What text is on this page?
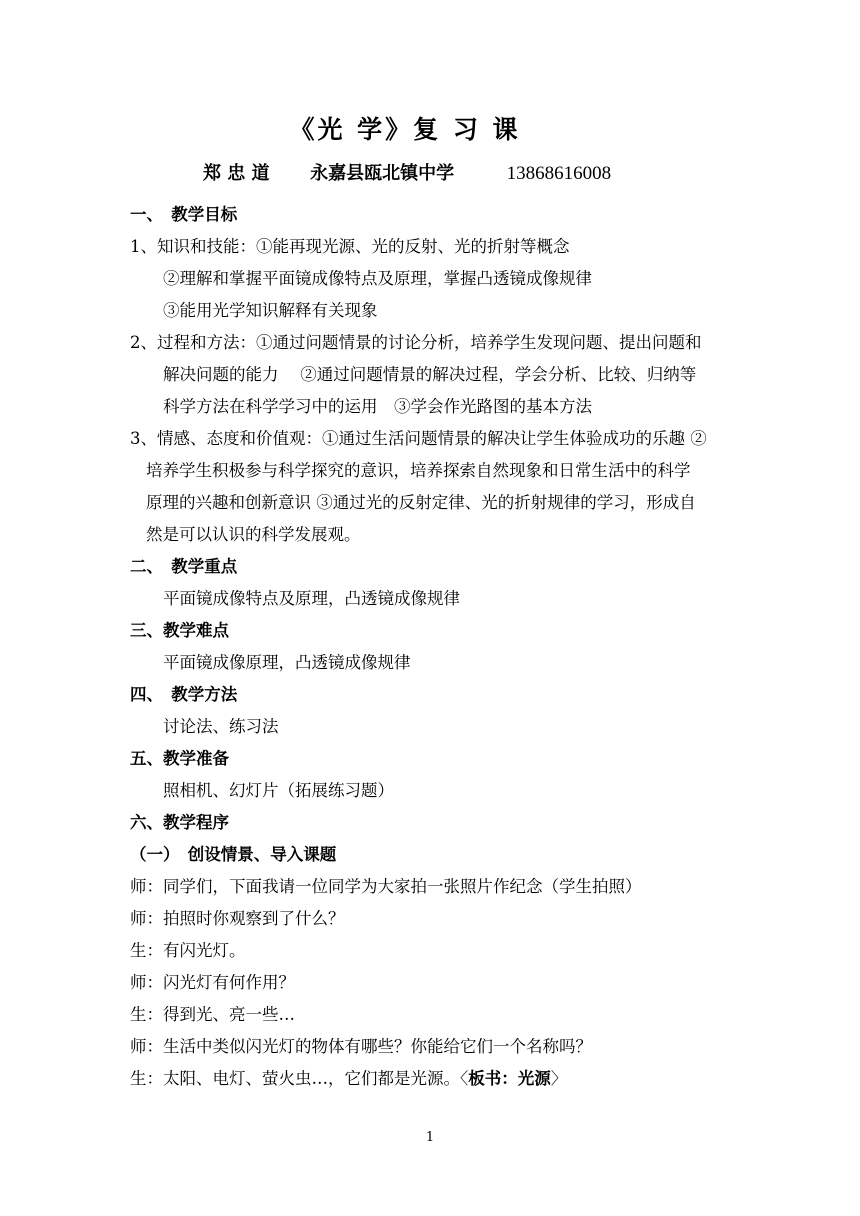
《光 学》复 习 课
郑 忠 道 永嘉县瓯北镇中学	13868616008
一、　教学目标
1、知识和技能：①能再现光源、光的反射、光的折射等概念
②理解和掌握平面镜成像特点及原理，掌握凸透镜成像规律
③能用光学知识解释有关现象
2、过程和方法：①通过问题情景的讨论分析，培养学生发现问题、提出问题和
解决问题的能力　 ②通过问题情景的解决过程，学会分析、比较、归纳等
科学方法在科学学习中的运用　③学会作光路图的基本方法
3、情感、态度和价值观：①通过生活问题情景的解决让学生体验成功的乐趣 ②
培养学生积极参与科学探究的意识，培养探索自然现象和日常生活中的科学
原理的兴趣和创新意识 ③通过光的反射定律、光的折射规律的学习，形成自
然是可以认识的科学发展观。
二、　教学重点
平面镜成像特点及原理，凸透镜成像规律
三、教学难点
平面镜成像原理，凸透镜成像规律
四、　教学方法
讨论法、练习法
五、教学准备
照相机、幻灯片（拓展练习题）
六、教学程序
（一）　创设情景、导入课题
师：同学们，下面我请一位同学为大家拍一张照片作纪念（学生拍照）
师：拍照时你观察到了什么？
生：有闪光灯。
师：闪光灯有何作用？
生：得到光、亮一些…
师：生活中类似闪光灯的物体有哪些？你能给它们一个名称吗？
生：太阳、电灯、萤火虫…，它们都是光源。〈板书：光源〉
1
